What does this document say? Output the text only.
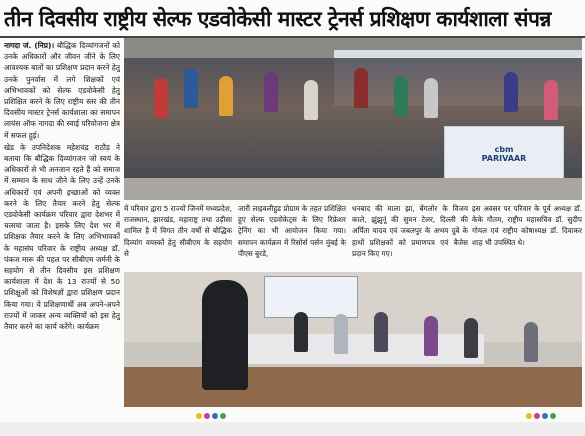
तीन दिवसीय राष्ट्रीय सेल्फ एडवोकेसी मास्टर ट्रेनर्स प्रशिक्षण कार्यशाला संपन्न

नागदा जं. (निप्र)। बौद्धिक दिव्यांगजनों को उनके अधिकारों और जीवन जीने के लिए आवश्यक बातों का प्रशिक्षण प्रदान करने हेतु उनके पुनर्वास में लगे शिक्षकों एवं अभिभावकों को सेल्फ एडवोकेसी हेतु प्रशिक्षित करने के लिए राष्ट्रीय स्तर की तीन दिवसीय मास्टर ट्रेनर्स कार्यशाला का समापन लायंस ऑफ नागदा की स्वाई परियोजना क्षेत्र में सफल हुई।

खेड के उपनिदेशक महेशचंद्र राठौड़ ने बताया कि बौद्धिक दिव्यांगजन जो स्वयं के अधिकारों से भी अनजान रहते हैं को समाज में सम्मान के साथ जीने के लिए उन्हें उनके अधिकारों एवं अपनी इच्छाओं को व्यक्त करने के लिए तैयार करने हेतु सेल्फ एडवोकेसी कार्यक्रम परिवार द्वारा देशभर में चलाया जाता है। इसके लिए देश भर में प्रशिक्षक तैयार करने के लिए अभिभावकों के महासंघ परिवार के राष्ट्रीय अध्यक्ष डॉ. पंकज मारू की पहल पर सीबीएम जर्मनी के सहयोग से तीन दिवसीय इस प्रशिक्षण कार्यशाला में देश के 13 राज्यों से 50 प्रशिक्षुओं को विशेषज्ञों द्वारा प्रशिक्षण प्रदान किया गया। ये प्रशिक्षणार्थी अब अपने-अपने राज्यों में जाकर अन्य व्यक्तियों को इस हेतु तैयार करने का कार्य करेंगे। कार्यक्रम

cbm
PARIVAAR
में परिवार द्वारा 5 राज्यों जिनमें मध्यप्रदेश, राजस्थान, झारखंड, महाराष्ट्र तथा उड़ीसा शामिल है में विगत तीन वर्षों से बौद्धिक दिव्यांग वयस्कों हेतु सीबीएम के सहयोग से
जारी लाइवलीहुड प्रोग्राम के तहत प्रशिक्षित हुए सेल्फ एडवोकेट्स के लिए रिफ्रेशर ट्रेनिंग का भी आयोजन किया गया। समापन कार्यक्रम में रिसोर्स पर्सन मुंबई के पीएस बुरडे,
धनबाद की माला झा, बेंगलोर के विजय काले, झुंझुनूं की सुमन टेलर, दिल्ली की अर्पिता यादव एवं जबलपुर के अभय दुबे के हाथों प्रशिक्षकों को प्रमाणपत्र एवं बैजेस प्रदान किए गए।
इस अवसर पर परिवार के पूर्व अध्यक्ष डॉ. केके गौतम, राष्ट्रीय महासचिव डॉ. सुदीप गोयल एवं राष्ट्रीय कोषाध्यक्ष डॉ. दिवाकर शाह भी उपस्थित थे।
